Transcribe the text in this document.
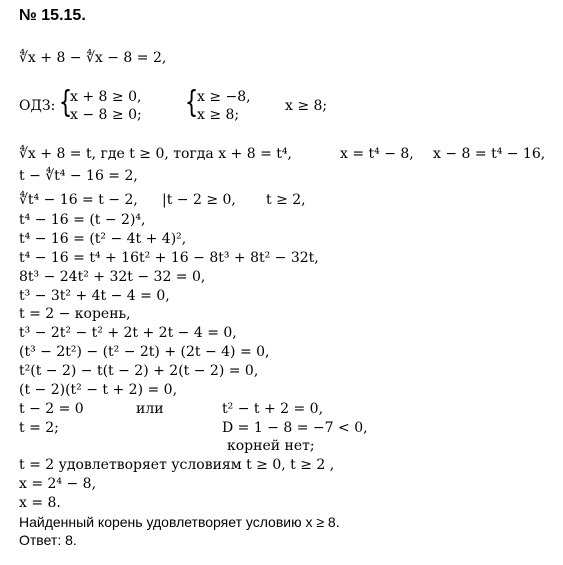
№ 15.15.
∜x + 8 − ∜x − 8 = 2,
ОДЗ: {
x + 8 ≥ 0,
x − 8 ≥ 0; {
x ≥ −8,
x ≥ 8;
x ≥ 8;
∜x + 8 = t, где t ≥ 0, тогда x + 8 = t⁴,	x = t⁴ − 8, x − 8 = t⁴ − 16,
t − ∜t⁴ − 16 = 2,
∜t⁴ − 16 = t − 2, |t − 2 ≥ 0, t ≥ 2,
t⁴ − 16 = (t − 2)⁴,
t⁴ − 16 = (t² − 4t + 4)²,
t⁴ − 16 = t⁴ + 16t² + 16 − 8t³ + 8t² − 32t,
8t³ − 24t² + 32t − 32 = 0,
t³ − 3t² + 4t − 4 = 0,
t = 2 − корень,
t³ − 2t² − t² + 2t + 2t − 4 = 0,
(t³ − 2t²) − (t² − 2t) + (2t − 4) = 0,
t²(t − 2) − t(t − 2) + 2(t − 2) = 0,
(t − 2)(t² − t + 2) = 0,
t − 2 = 0	или	t² − t + 2 = 0,
t = 2;	D = 1 − 8 = −7 < 0,
корней нет;
t = 2 удовлетворяет условиям t ≥ 0, t ≥ 2 ,
x = 2⁴ − 8,
x = 8.
Найденный корень удовлетворяет условию x ≥ 8.
Ответ: 8.
